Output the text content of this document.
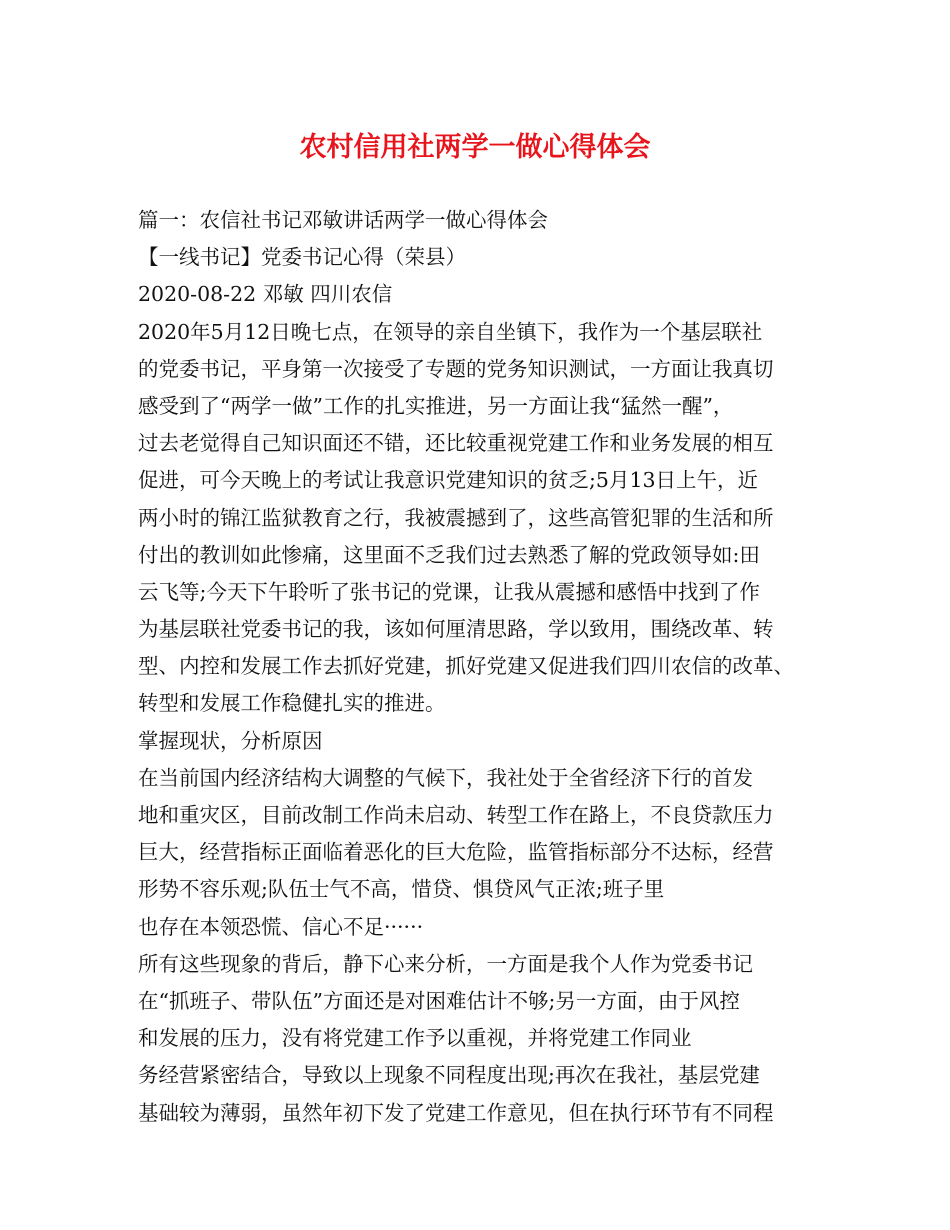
农村信用社两学一做心得体会
篇一：农信社书记邓敏讲话两学一做心得体会
【一线书记】党委书记心得（荣县）
2020-08-22 邓敏 四川农信
2020年5月12日晚七点，在领导的亲自坐镇下，我作为一个基层联社
的党委书记，平身第一次接受了专题的党务知识测试，一方面让我真切
感受到了“两学一做”工作的扎实推进，另一方面让我“猛然一醒”，
过去老觉得自己知识面还不错，还比较重视党建工作和业务发展的相互
促进，可今天晚上的考试让我意识党建知识的贫乏;5月13日上午，近
两小时的锦江监狱教育之行，我被震撼到了，这些高管犯罪的生活和所
付出的教训如此惨痛，这里面不乏我们过去熟悉了解的党政领导如:田
云飞等;今天下午聆听了张书记的党课，让我从震撼和感悟中找到了作
为基层联社党委书记的我，该如何厘清思路，学以致用，围绕改革、转
型、内控和发展工作去抓好党建，抓好党建又促进我们四川农信的改革、
转型和发展工作稳健扎实的推进。
掌握现状，分析原因
在当前国内经济结构大调整的气候下，我社处于全省经济下行的首发
地和重灾区，目前改制工作尚未启动、转型工作在路上，不良贷款压力
巨大，经营指标正面临着恶化的巨大危险，监管指标部分不达标，经营
形势不容乐观;队伍士气不高，惜贷、惧贷风气正浓;班子里
也存在本领恐慌、信心不足······
所有这些现象的背后，静下心来分析，一方面是我个人作为党委书记
在“抓班子、带队伍”方面还是对困难估计不够;另一方面，由于风控
和发展的压力，没有将党建工作予以重视，并将党建工作同业
务经营紧密结合，导致以上现象不同程度出现;再次在我社，基层党建
基础较为薄弱，虽然年初下发了党建工作意见，但在执行环节有不同程
